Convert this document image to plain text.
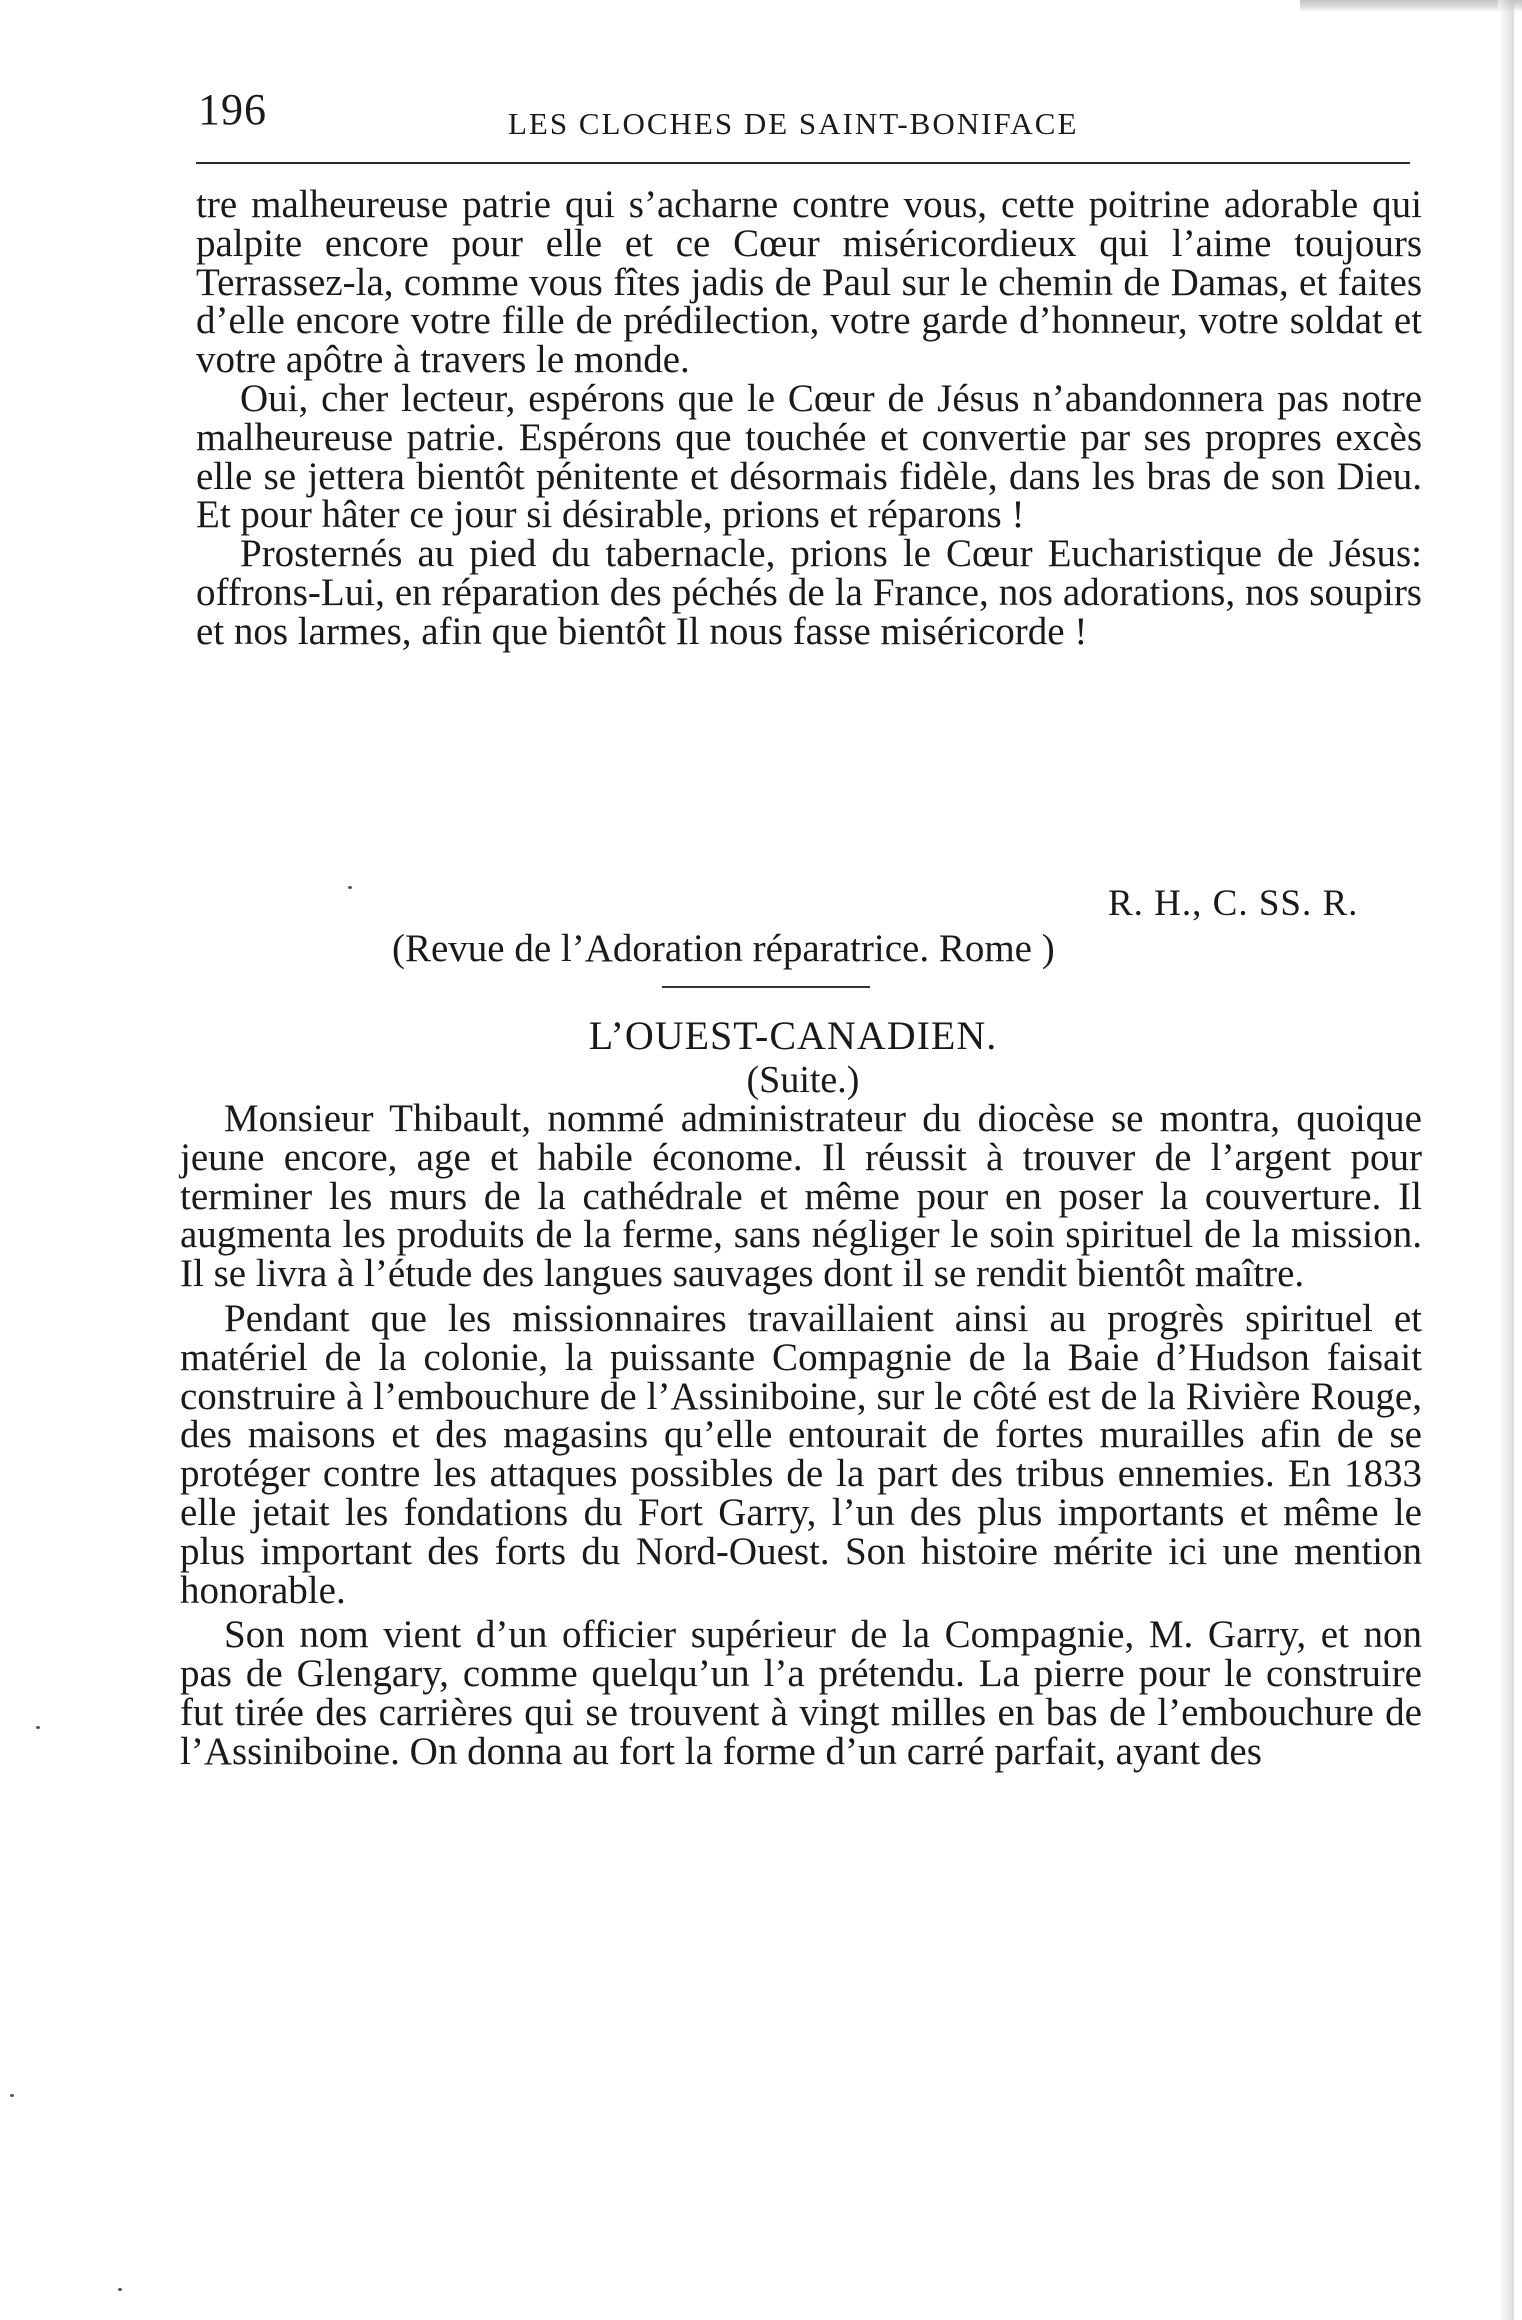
196	LES CLOCHES DE SAINT-BONIFACE

tre malheureuse patrie qui s’acharne contre vous, cette poitrine adorable qui palpite encore pour elle et ce Cœur miséricordieux qui l’aime toujours Terrassez-la, comme vous fîtes jadis de Paul sur le chemin de Damas, et faites d’elle encore votre fille de prédilection, votre garde d’honneur, votre soldat et votre apôtre à travers le monde.

Oui, cher lecteur, espérons que le Cœur de Jésus n’abandonnera pas notre malheureuse patrie. Espérons que touchée et convertie par ses propres excès elle se jettera bientôt pénitente et désormais fidèle, dans les bras de son Dieu. Et pour hâter ce jour si désirable, prions et réparons !

Prosternés au pied du tabernacle, prions le Cœur Eucharistique de Jésus: offrons-Lui, en réparation des péchés de la France, nos adorations, nos soupirs et nos larmes, afin que bientôt Il nous fasse miséricorde !

R. H., C. SS. R.
(Revue de l’Adoration réparatrice. Rome )
L’OUEST-CANADIEN.
(Suite.)

Monsieur Thibault, nommé administrateur du diocèse se montra, quoique jeune encore, age et habile économe. Il réussit à trouver de l’argent pour terminer les murs de la cathédrale et même pour en poser la couverture. Il augmenta les produits de la ferme, sans négliger le soin spirituel de la mission. Il se livra à l’étude des langues sauvages dont il se rendit bientôt maître.

Pendant que les missionnaires travaillaient ainsi au progrès spirituel et matériel de la colonie, la puissante Compagnie de la Baie d’Hudson faisait construire à l’embouchure de l’Assiniboine, sur le côté est de la Rivière Rouge, des maisons et des magasins qu’elle entourait de fortes murailles afin de se protéger contre les attaques possibles de la part des tribus ennemies. En 1833 elle jetait les fondations du Fort Garry, l’un des plus importants et même le plus important des forts du Nord-Ouest. Son histoire mérite ici une mention honorable.

Son nom vient d’un officier supérieur de la Compagnie, M. Garry, et non pas de Glengary, comme quelqu’un l’a prétendu. La pierre pour le construire fut tirée des carrières qui se trouvent à vingt milles en bas de l’embouchure de l’Assiniboine. On donna au fort la forme d’un carré parfait, ayant des
